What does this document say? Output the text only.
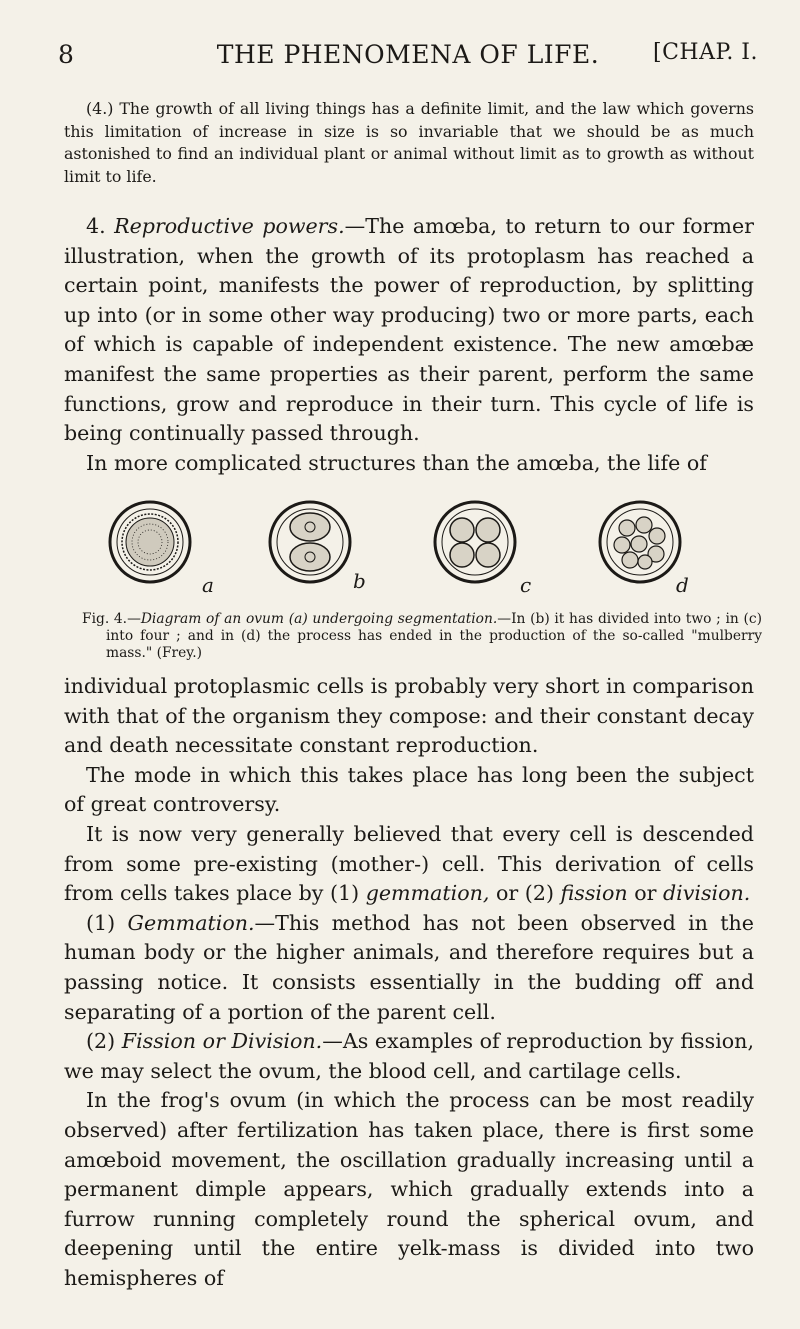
8	THE PHENOMENA OF LIFE.	[CHAP. I.

(4.) The growth of all living things has a definite limit, and the law which governs this limitation of increase in size is so invariable that we should be as much astonished to find an individual plant or animal without limit as to growth as without limit to life.

4. Reproductive powers.—The amœba, to return to our former illustration, when the growth of its protoplasm has reached a certain point, manifests the power of reproduction, by splitting up into (or in some other way producing) two or more parts, each of which is capable of independent existence. The new amœbæ manifest the same properties as their parent, perform the same functions, grow and reproduce in their turn. This cycle of life is being continually passed through.

In more complicated structures than the amœba, the life of

a	b	c	d

Fig. 4.—Diagram of an ovum (a) undergoing segmentation.—In (b) it has divided into two ; in (c) into four ; and in (d) the process has ended in the production of the so-called "mulberry mass." (Frey.)

individual protoplasmic cells is probably very short in comparison with that of the organism they compose: and their constant decay and death necessitate constant reproduction.

The mode in which this takes place has long been the subject of great controversy.

It is now very generally believed that every cell is descended from some pre-existing (mother-) cell. This derivation of cells from cells takes place by (1) gemmation, or (2) fission or division.

(1) Gemmation.—This method has not been observed in the human body or the higher animals, and therefore requires but a passing notice. It consists essentially in the budding off and separating of a portion of the parent cell.

(2) Fission or Division.—As examples of reproduction by fission, we may select the ovum, the blood cell, and cartilage cells.

In the frog's ovum (in which the process can be most readily observed) after fertilization has taken place, there is first some amœboid movement, the oscillation gradually increasing until a permanent dimple appears, which gradually extends into a furrow running completely round the spherical ovum, and deepening until the entire yelk-mass is divided into two hemispheres of
